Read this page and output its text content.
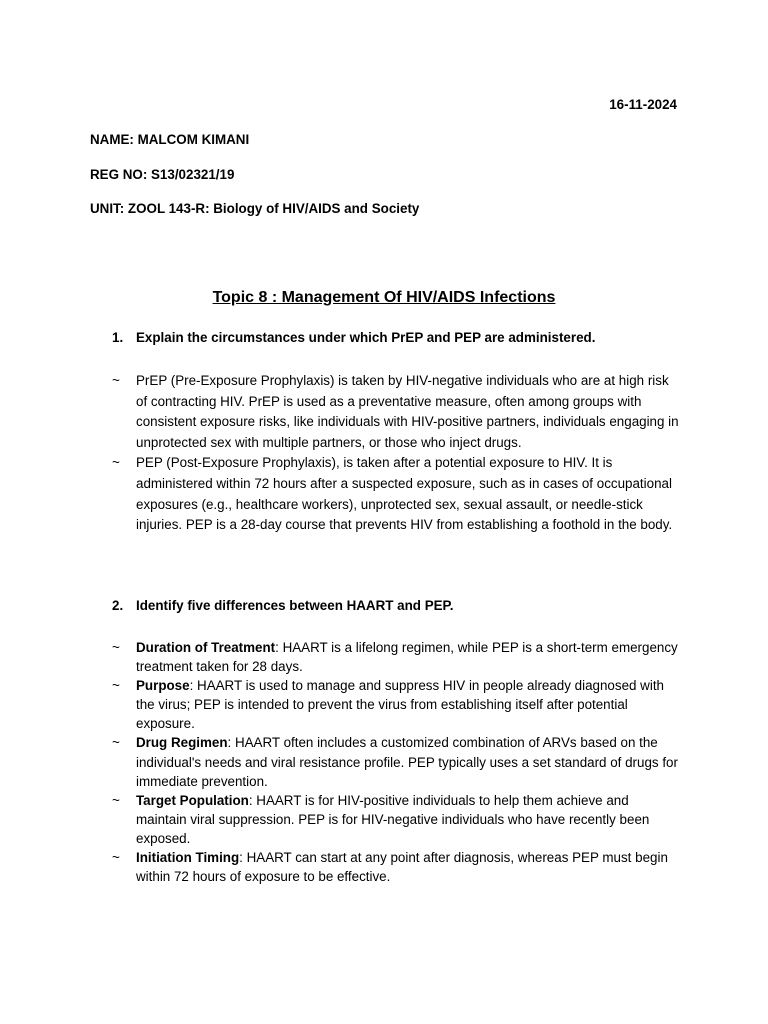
16-11-2024
NAME: MALCOM KIMANI
REG NO: S13/02321/19
UNIT: ZOOL 143-R: Biology of HIV/AIDS and Society
Topic 8 : Management Of HIV/AIDS Infections
1. Explain the circumstances under which PrEP and PEP are administered.
~ PrEP (Pre-Exposure Prophylaxis) is taken by HIV-negative individuals who are at high risk of contracting HIV. PrEP is used as a preventative measure, often among groups with consistent exposure risks, like individuals with HIV-positive partners, individuals engaging in unprotected sex with multiple partners, or those who inject drugs.
~ PEP (Post-Exposure Prophylaxis), is taken after a potential exposure to HIV. It is administered within 72 hours after a suspected exposure, such as in cases of occupational exposures (e.g., healthcare workers), unprotected sex, sexual assault, or needle-stick injuries. PEP is a 28-day course that prevents HIV from establishing a foothold in the body.
2. Identify five differences between HAART and PEP.
~ Duration of Treatment: HAART is a lifelong regimen, while PEP is a short-term emergency treatment taken for 28 days.
~ Purpose: HAART is used to manage and suppress HIV in people already diagnosed with the virus; PEP is intended to prevent the virus from establishing itself after potential exposure.
~ Drug Regimen: HAART often includes a customized combination of ARVs based on the individual's needs and viral resistance profile. PEP typically uses a set standard of drugs for immediate prevention.
~ Target Population: HAART is for HIV-positive individuals to help them achieve and maintain viral suppression. PEP is for HIV-negative individuals who have recently been exposed.
~ Initiation Timing: HAART can start at any point after diagnosis, whereas PEP must begin within 72 hours of exposure to be effective.
